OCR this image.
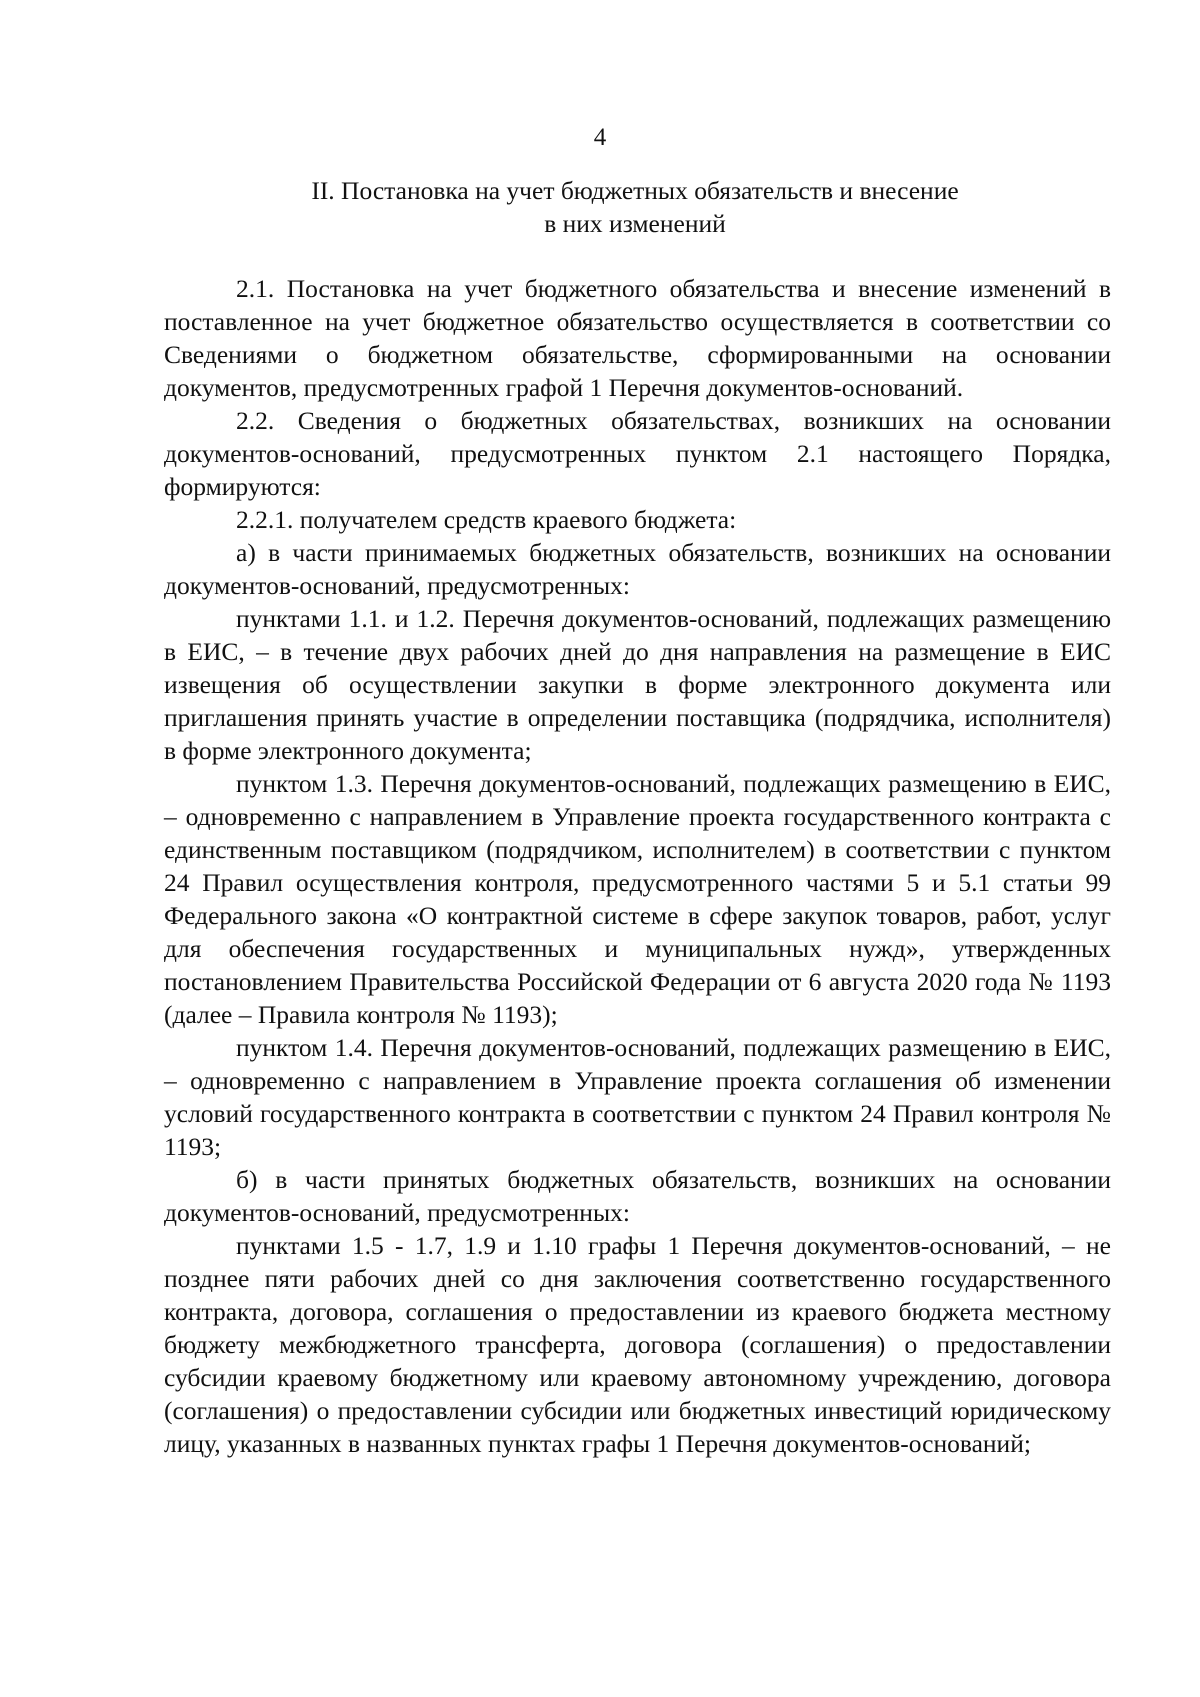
4
II. Постановка на учет бюджетных обязательств и внесение
в них изменений

2.1. Постановка на учет бюджетного обязательства и внесение изменений в поставленное на учет бюджетное обязательство осуществляется в соответствии со Сведениями о бюджетном обязательстве, сформированными на основании документов, предусмотренных графой 1 Перечня документов-оснований.

2.2. Сведения о бюджетных обязательствах, возникших на основании документов-оснований, предусмотренных пунктом 2.1 настоящего Порядка, формируются:

2.2.1. получателем средств краевого бюджета:

а) в части принимаемых бюджетных обязательств, возникших на основании документов-оснований, предусмотренных:

пунктами 1.1. и 1.2. Перечня документов-оснований, подлежащих размещению в ЕИС, – в течение двух рабочих дней до дня направления на размещение в ЕИС извещения об осуществлении закупки в форме электронного документа или приглашения принять участие в определении поставщика (подрядчика, исполнителя) в форме электронного документа;

пунктом 1.3. Перечня документов-оснований, подлежащих размещению в ЕИС, – одновременно с направлением в Управление проекта государственного контракта с единственным поставщиком (подрядчиком, исполнителем) в соответствии с пунктом 24 Правил осуществления контроля, предусмотренного частями 5 и 5.1 статьи 99 Федерального закона «О контрактной системе в сфере закупок товаров, работ, услуг для обеспечения государственных и муниципальных нужд», утвержденных постановлением Правительства Российской Федерации от 6 августа 2020 года № 1193 (далее – Правила контроля № 1193);

пунктом 1.4. Перечня документов-оснований, подлежащих размещению в ЕИС, – одновременно с направлением в Управление проекта соглашения об изменении условий государственного контракта в соответствии с пунктом 24 Правил контроля № 1193;

б) в части принятых бюджетных обязательств, возникших на основании документов-оснований, предусмотренных:

пунктами 1.5 - 1.7, 1.9 и 1.10 графы 1 Перечня документов-оснований, – не позднее пяти рабочих дней со дня заключения соответственно государственного контракта, договора, соглашения о предоставлении из краевого бюджета местному бюджету межбюджетного трансферта, договора (соглашения) о предоставлении субсидии краевому бюджетному или краевому автономному учреждению, договора (соглашения) о предоставлении субсидии или бюджетных инвестиций юридическому лицу, указанных в названных пунктах графы 1 Перечня документов-оснований;
